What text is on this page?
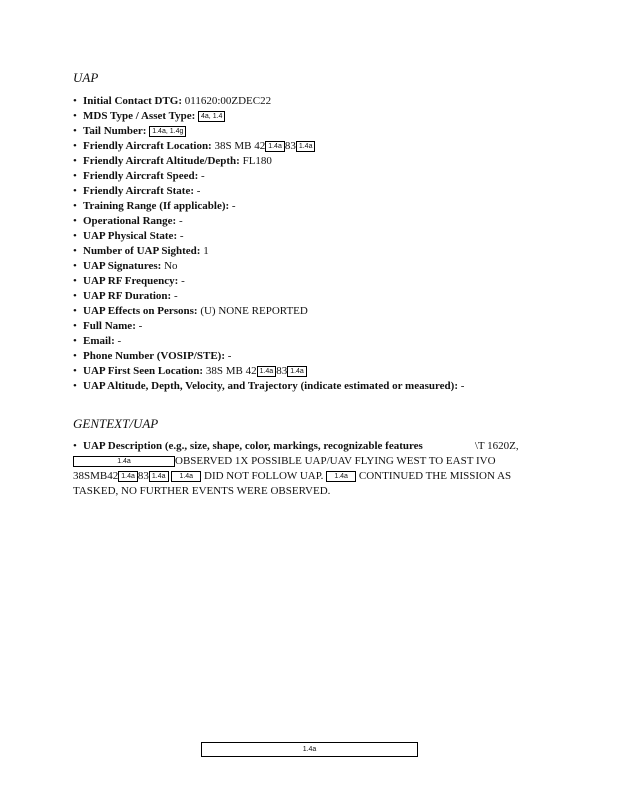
UAP
• Initial Contact DTG: 011620:00ZDEC22
• MDS Type / Asset Type: 4a, 1.4
• Tail Number: 1.4a, 1.4g
• Friendly Aircraft Location: 38S MB 42 1.4a 83 1.4a
• Friendly Aircraft Altitude/Depth: FL180
• Friendly Aircraft Speed: -
• Friendly Aircraft State: -
• Training Range (If applicable): -
• Operational Range: -
• UAP Physical State: -
• Number of UAP Sighted: 1
• UAP Signatures: No
• UAP RF Frequency: -
• UAP RF Duration: -
• UAP Effects on Persons: (U) NONE REPORTED
• Full Name: -
• Email: -
• Phone Number (VOSIP/STE): -
• UAP First Seen Location: 38S MB 42 1.4a 83 1.4a
• UAP Altitude, Depth, Velocity, and Trajectory (indicate estimated or measured): -
GENTEXT/UAP
• UAP Description (e.g., size, shape, color, markings, recognizable features	\T 1620Z,
1.4a	OBSERVED 1X POSSIBLE UAP/UAV FLYING WEST TO EAST IVO
38SMB42 1.4a 83 1.4a 1.4a DID NOT FOLLOW UAP. 1.4a CONTINUED THE MISSION AS
TASKED, NO FURTHER EVENTS WERE OBSERVED.
1.4a
